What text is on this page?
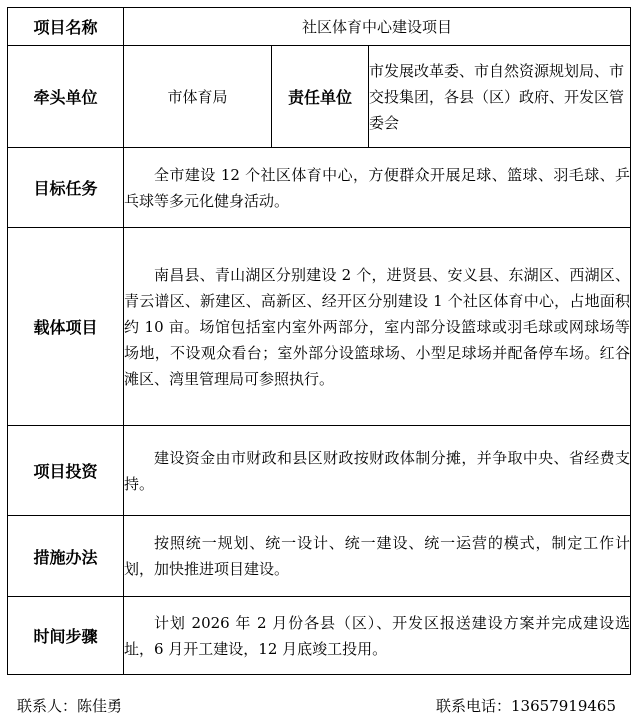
项目名称	社区体育中心建设项目		
牵头单位	市体育局	责任单位	市发展改革委、市自然资源规划局、市交投集团，各县（区）政府、开发区管委会
目标任务	全市建设 12 个社区体育中心，方便群众开展足球、篮球、羽毛球、乒乓球等多元化健身活动。		

载体项目	南昌县、青山湖区分别建设 2 个，进贤县、安义县、东湖区、西湖区、青云谱区、新建区、高新区、经开区分别建设 1 个社区体育中心，占地面积约 10 亩。场馆包括室内室外两部分，室内部分设篮球或羽毛球或网球场等场地，不设观众看台；室外部分设篮球场、小型足球场并配备停车场。红谷滩区、湾里管理局可参照执行。		

项目投资	建设资金由市财政和县区财政按财政体制分摊，并争取中央、省经费支持。		

措施办法	按照统一规划、统一设计、统一建设、统一运营的模式，制定工作计划，加快推进项目建设。		

时间步骤	计划 2026 年 2 月份各县（区）、开发区报送建设方案并完成建设选址，6 月开工建设，12 月底竣工投用。		

联系人：陈佳勇	联系电话：13657919465
